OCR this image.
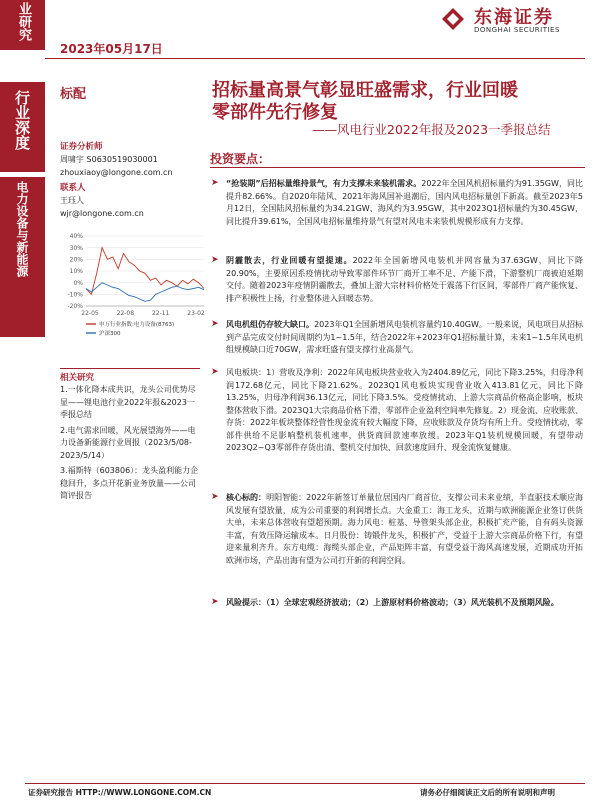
业研究
2023年05月17日
东海证券
DONGHAI SECURITIES
行业深度
电力设备与新能源
标配	招标量高景气彰显旺盛需求，行业回暖
零部件先行修复
——风电行业2022年报及2023一季报总结
证券分析师
周啸宇 S0630519030001
zhouxiaoy@longone.com.cn
联系人
王珏人
wjr@longone.com.cn
40%
30%
20%
10%
0%
-10%
-20%
22-05	22-08	22-11	23-02
申万行业指数:电力设备(8763)
沪深300
相关研究
1.一体化降本成共识，龙头公司优势尽显——锂电池行业2022年报&2023一季报总结
2.电气需求回暖，风光展望海外——电力设备新能源行业周报（2023/5/08-2023/5/14）
3.福斯特（603806）：龙头盈利能力企稳回升，多点开花新业务放量——公司简评报告
投资要点：
➤ “抢装期”后招标量维持景气，有力支撑未来装机需求。2022年全国风机招标量约为91.35GW，同比提升82.66%。自2020年陆风、2021年海风国补退潮后，国内风电招标量创下新高。截至2023年5月12日，全国陆风招标量约为34.21GW、海风约为3.95GW，其中2023Q1招标量约为30.45GW，同比提升39.61%，全国风电招标量维持景气有望对风电未来装机规模形成有力支撑。
➤ 阴霾散去，行业回暖有望提速。2022年全国新增风电装机并网容量为37.63GW，同比下降20.90%，主要原因系疫情扰动导致零部件环节厂商开工率不足、产能下滑，下游整机厂商被迫延期交付。随着2023年疫情阴霾散去，叠加上游大宗材料价格处于震荡下行区间，零部件厂商产能恢复、排产积极性上扬，行业整体进入回暖态势。
➤ 风电机组仍存较大缺口。2023年Q1全国新增风电装机容量约10.40GW。一般来说，风电项目从招标到产品完成交付时间周期约为1~1.5年，结合2022年+2023年Q1招标量计算，未来1~1.5年风电机组规模缺口近70GW，需求旺盛有望支撑行业高景气。
➤ 风电板块：1）营收及净利：2022年风电板块营业收入为2404.89亿元，同比下降3.25%，归母净利润172.68亿元，同比下降21.62%。2023Q1风电板块实现营业收入413.81亿元，同比下降13.25%，归母净利润36.13亿元，同比下降3.5%。受疫情扰动、上游大宗商品价格高企影响，板块整体营收下滑。2023Q1大宗商品价格下滑，零部件企业盈利空间率先修复。2）现金流、应收账款、存货：2022年板块整体经营性现金流有较大幅度下降，应收账款及存货均有所上升。受疫情扰动，零部件供给不足影响整机装机速率，供货商回款速率放缓。2023年Q1装机规模回暖，有望带动2023Q2~Q3零部件存货出清、整机交付加快、回款速度回升、现金流恢复健康。
➤ 核心标的：明阳智能：2022年新签订单量位居国内厂商首位，支撑公司未来业绩，半直驱技术顺应海风发展有望放量，成为公司重要的利润增长点。大金重工：海工龙头，近期与欧洲能源企业签订供货大单，未来总体营收有望超预期。海力风电：桩基、导管架头部企业，积极扩充产能，自有码头资源丰富，有效压降运输成本。日月股份：铸锻件龙头，积极扩产，受益于上游大宗商品价格下行，有望迎来量利齐升。东方电缆：海缆头部企业，产品矩阵丰富，有望受益于海风高速发展，近期成功开拓欧洲市场，产品出海有望为公司打开新的利润空间。
➤ 风险提示：（1）全球宏观经济波动；（2）上游原材料价格波动；（3）风光装机不及预期风险。
证券研究报告 HTTP://WWW.LONGONE.COM.CN	请务必仔细阅读正文后的所有说明和声明
